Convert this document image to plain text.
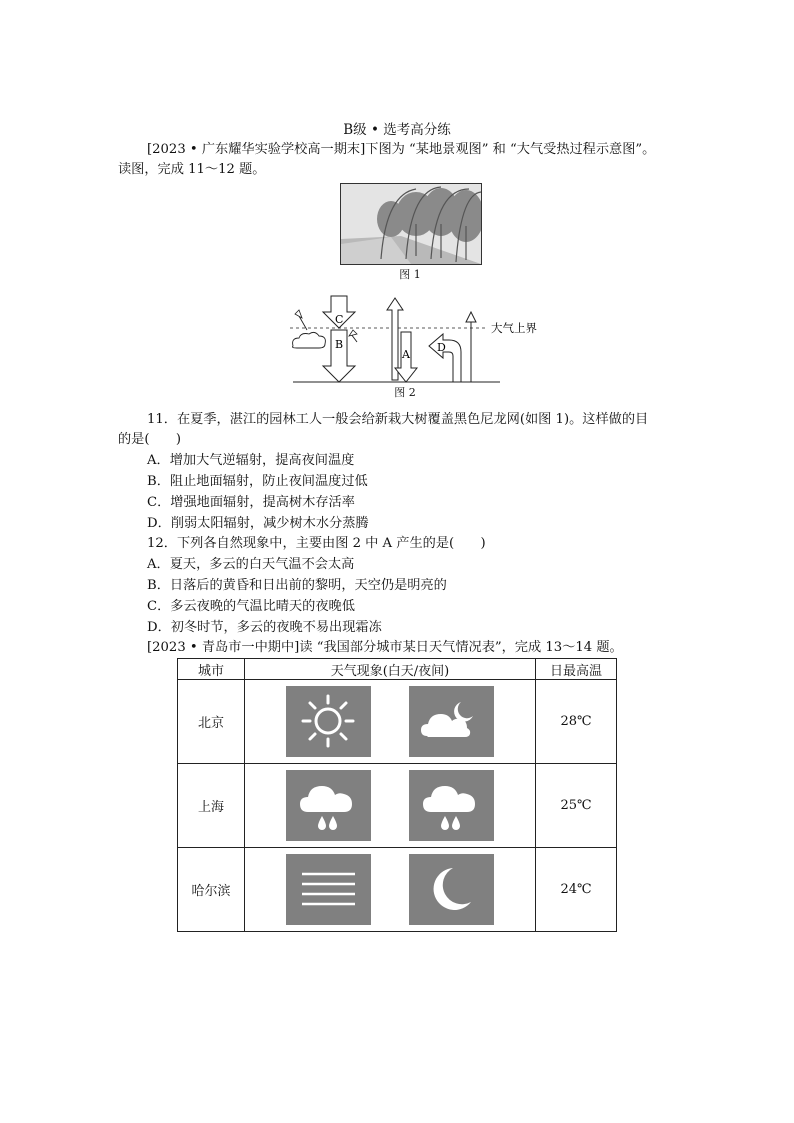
B级 • 选考高分练
[2023 • 广东耀华实验学校高一期末]下图为 “某地景观图” 和 “大气受热过程示意图”。
读图，完成 11～12 题。
图 1
C
B
A
D
大气上界
图 2
11．在夏季，湛江的园林工人一般会给新栽大树覆盖黑色尼龙网(如图 1)。这样做的目
的是(　　)
A．增加大气逆辐射，提高夜间温度
B．阻止地面辐射，防止夜间温度过低
C．增强地面辐射，提高树木存活率
D．削弱太阳辐射，减少树木水分蒸腾
12．下列各自然现象中，主要由图 2 中 A 产生的是(　　)
A．夏天，多云的白天气温不会太高
B．日落后的黄昏和日出前的黎明，天空仍是明亮的
C．多云夜晚的气温比晴天的夜晚低
D．初冬时节，多云的夜晚不易出现霜冻
[2023 • 青岛市一中期中]读 “我国部分城市某日天气情况表”，完成 13～14 题。
城市	天气现象(白天/夜间)	日最高温
北京		28℃
上海		25℃
哈尔滨		24℃
